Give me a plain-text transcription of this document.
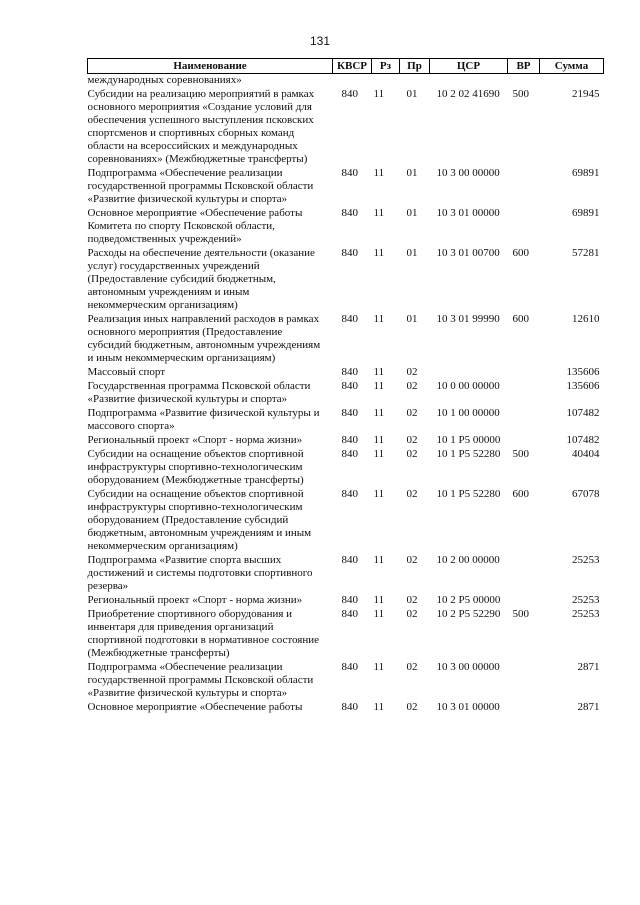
131
Наименование	КВСР	Рз	Пр	ЦСР	ВР	Сумма
международных соревнованиях»						
Субсидии на реализацию мероприятий в рамках основного мероприятия «Создание условий для обеспечения успешного выступления псковских спортсменов и спортивных сборных команд области на всероссийских и международных соревнованиях» (Межбюджетные трансферты)	840	11	01	10 2 02 41690	500	21945
Подпрограмма «Обеспечение реализации государственной программы Псковской области «Развитие физической культуры и спорта»	840	11	01	10 3 00 00000		69891
Основное мероприятие «Обеспечение работы Комитета по спорту Псковской области, подведомственных учреждений»	840	11	01	10 3 01 00000		69891
Расходы на обеспечение деятельности (оказание услуг) государственных учреждений (Предоставление субсидий бюджетным, автономным учреждениям и иным некоммерческим организациям)	840	11	01	10 3 01 00700	600	57281
Реализация иных направлений расходов в рамках основного мероприятия (Предоставление субсидий бюджетным, автономным учреждениям и иным некоммерческим организациям)	840	11	01	10 3 01 99990	600	12610
Массовый спорт	840	11	02			135606
Государственная программа Псковской области «Развитие физической культуры и спорта»	840	11	02	10 0 00 00000		135606
Подпрограмма «Развитие физической культуры и массового спорта»	840	11	02	10 1 00 00000		107482
Региональный проект «Спорт - норма жизни»	840	11	02	10 1 P5 00000		107482
Субсидии на оснащение объектов спортивной инфраструктуры спортивно-технологическим оборудованием (Межбюджетные трансферты)	840	11	02	10 1 P5 52280	500	40404
Субсидии на оснащение объектов спортивной инфраструктуры спортивно-технологическим оборудованием (Предоставление субсидий бюджетным, автономным учреждениям и иным некоммерческим организациям)	840	11	02	10 1 P5 52280	600	67078
Подпрограмма «Развитие спорта высших достижений и системы подготовки спортивного резерва»	840	11	02	10 2 00 00000		25253
Региональный проект «Спорт - норма жизни»	840	11	02	10 2 P5 00000		25253
Приобретение спортивного оборудования и инвентаря для приведения организаций спортивной подготовки в нормативное состояние (Межбюджетные трансферты)	840	11	02	10 2 P5 52290	500	25253
Подпрограмма «Обеспечение реализации государственной программы Псковской области «Развитие физической культуры и спорта»	840	11	02	10 3 00 00000		2871
Основное мероприятие «Обеспечение работы	840	11	02	10 3 01 00000		2871
